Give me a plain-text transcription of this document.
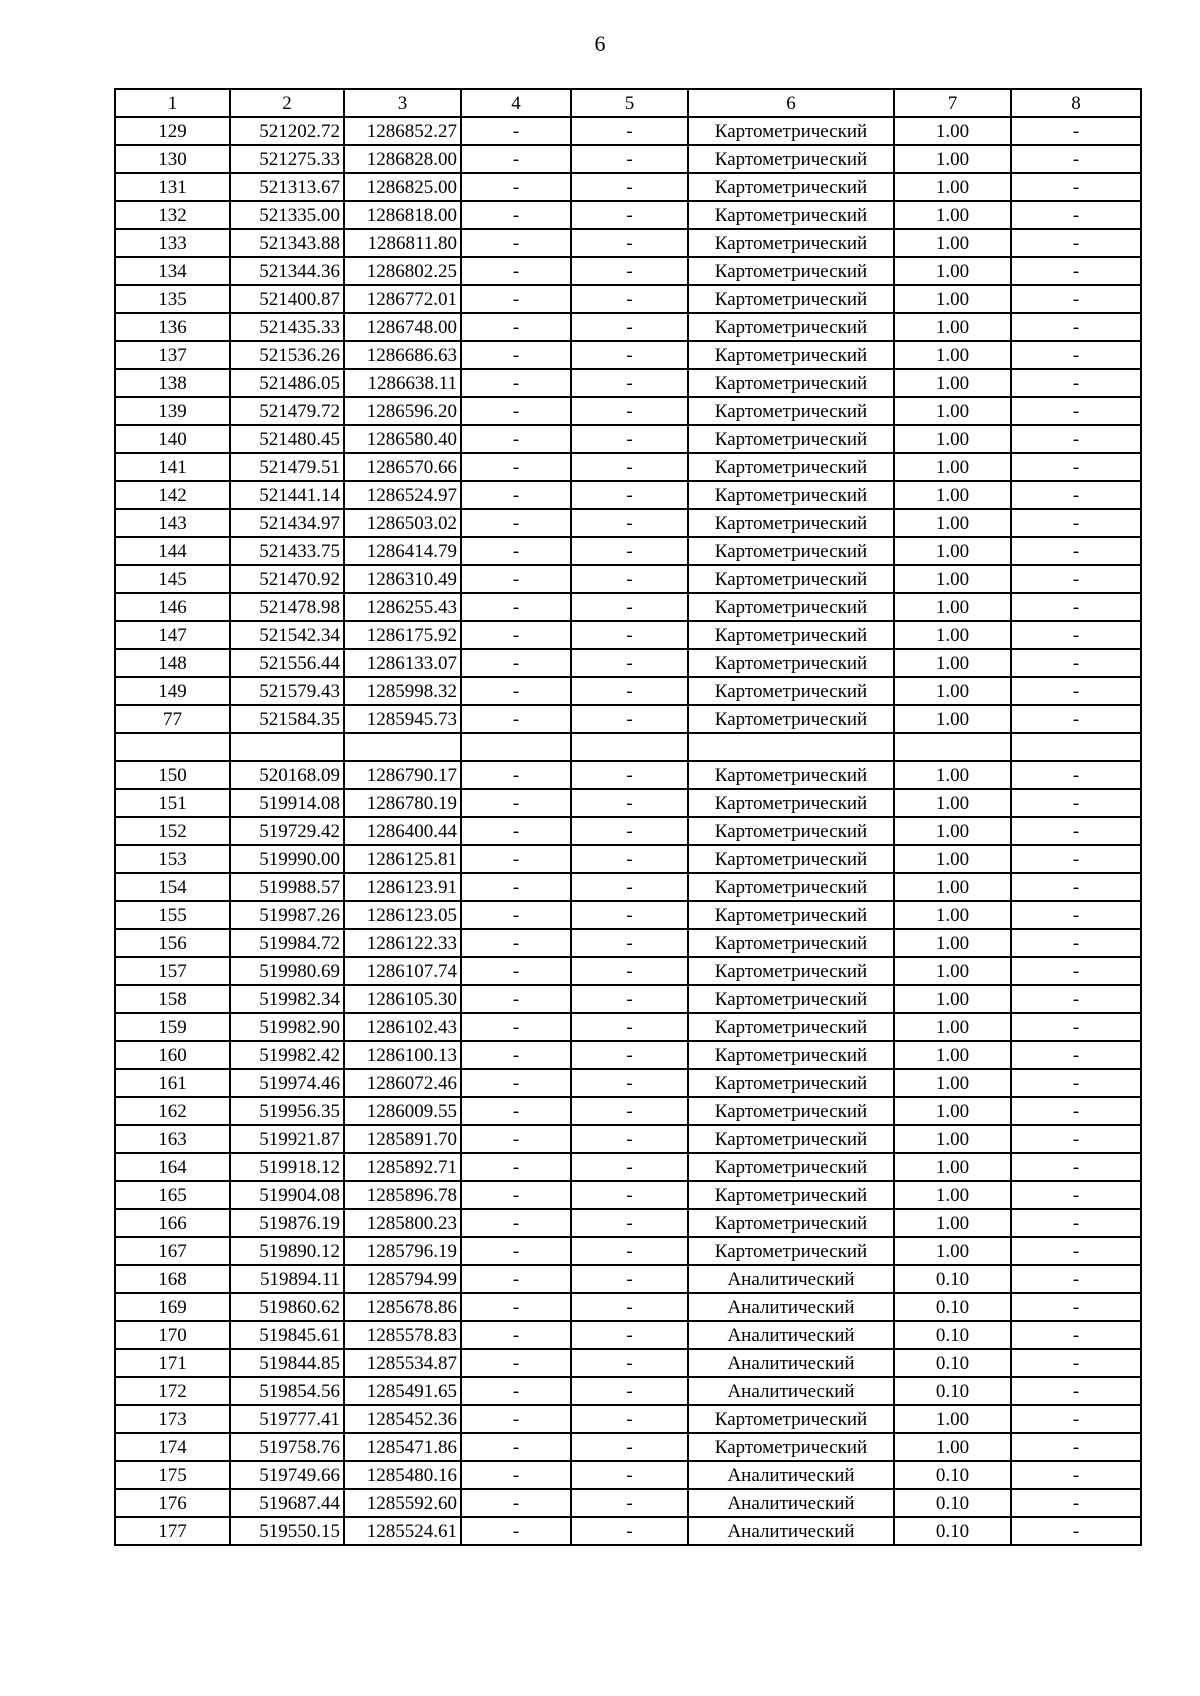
6
1	2	3	4	5	6	7	8
129	521202.72	1286852.27	-	-	Картометрический	1.00	-
130	521275.33	1286828.00	-	-	Картометрический	1.00	-
131	521313.67	1286825.00	-	-	Картометрический	1.00	-
132	521335.00	1286818.00	-	-	Картометрический	1.00	-
133	521343.88	1286811.80	-	-	Картометрический	1.00	-
134	521344.36	1286802.25	-	-	Картометрический	1.00	-
135	521400.87	1286772.01	-	-	Картометрический	1.00	-
136	521435.33	1286748.00	-	-	Картометрический	1.00	-
137	521536.26	1286686.63	-	-	Картометрический	1.00	-
138	521486.05	1286638.11	-	-	Картометрический	1.00	-
139	521479.72	1286596.20	-	-	Картометрический	1.00	-
140	521480.45	1286580.40	-	-	Картометрический	1.00	-
141	521479.51	1286570.66	-	-	Картометрический	1.00	-
142	521441.14	1286524.97	-	-	Картометрический	1.00	-
143	521434.97	1286503.02	-	-	Картометрический	1.00	-
144	521433.75	1286414.79	-	-	Картометрический	1.00	-
145	521470.92	1286310.49	-	-	Картометрический	1.00	-
146	521478.98	1286255.43	-	-	Картометрический	1.00	-
147	521542.34	1286175.92	-	-	Картометрический	1.00	-
148	521556.44	1286133.07	-	-	Картометрический	1.00	-
149	521579.43	1285998.32	-	-	Картометрический	1.00	-
77	521584.35	1285945.73	-	-	Картометрический	1.00	-

150	520168.09	1286790.17	-	-	Картометрический	1.00	-
151	519914.08	1286780.19	-	-	Картометрический	1.00	-
152	519729.42	1286400.44	-	-	Картометрический	1.00	-
153	519990.00	1286125.81	-	-	Картометрический	1.00	-
154	519988.57	1286123.91	-	-	Картометрический	1.00	-
155	519987.26	1286123.05	-	-	Картометрический	1.00	-
156	519984.72	1286122.33	-	-	Картометрический	1.00	-
157	519980.69	1286107.74	-	-	Картометрический	1.00	-
158	519982.34	1286105.30	-	-	Картометрический	1.00	-
159	519982.90	1286102.43	-	-	Картометрический	1.00	-
160	519982.42	1286100.13	-	-	Картометрический	1.00	-
161	519974.46	1286072.46	-	-	Картометрический	1.00	-
162	519956.35	1286009.55	-	-	Картометрический	1.00	-
163	519921.87	1285891.70	-	-	Картометрический	1.00	-
164	519918.12	1285892.71	-	-	Картометрический	1.00	-
165	519904.08	1285896.78	-	-	Картометрический	1.00	-
166	519876.19	1285800.23	-	-	Картометрический	1.00	-
167	519890.12	1285796.19	-	-	Картометрический	1.00	-
168	519894.11	1285794.99	-	-	Аналитический	0.10	-
169	519860.62	1285678.86	-	-	Аналитический	0.10	-
170	519845.61	1285578.83	-	-	Аналитический	0.10	-
171	519844.85	1285534.87	-	-	Аналитический	0.10	-
172	519854.56	1285491.65	-	-	Аналитический	0.10	-
173	519777.41	1285452.36	-	-	Картометрический	1.00	-
174	519758.76	1285471.86	-	-	Картометрический	1.00	-
175	519749.66	1285480.16	-	-	Аналитический	0.10	-
176	519687.44	1285592.60	-	-	Аналитический	0.10	-
177	519550.15	1285524.61	-	-	Аналитический	0.10	-
